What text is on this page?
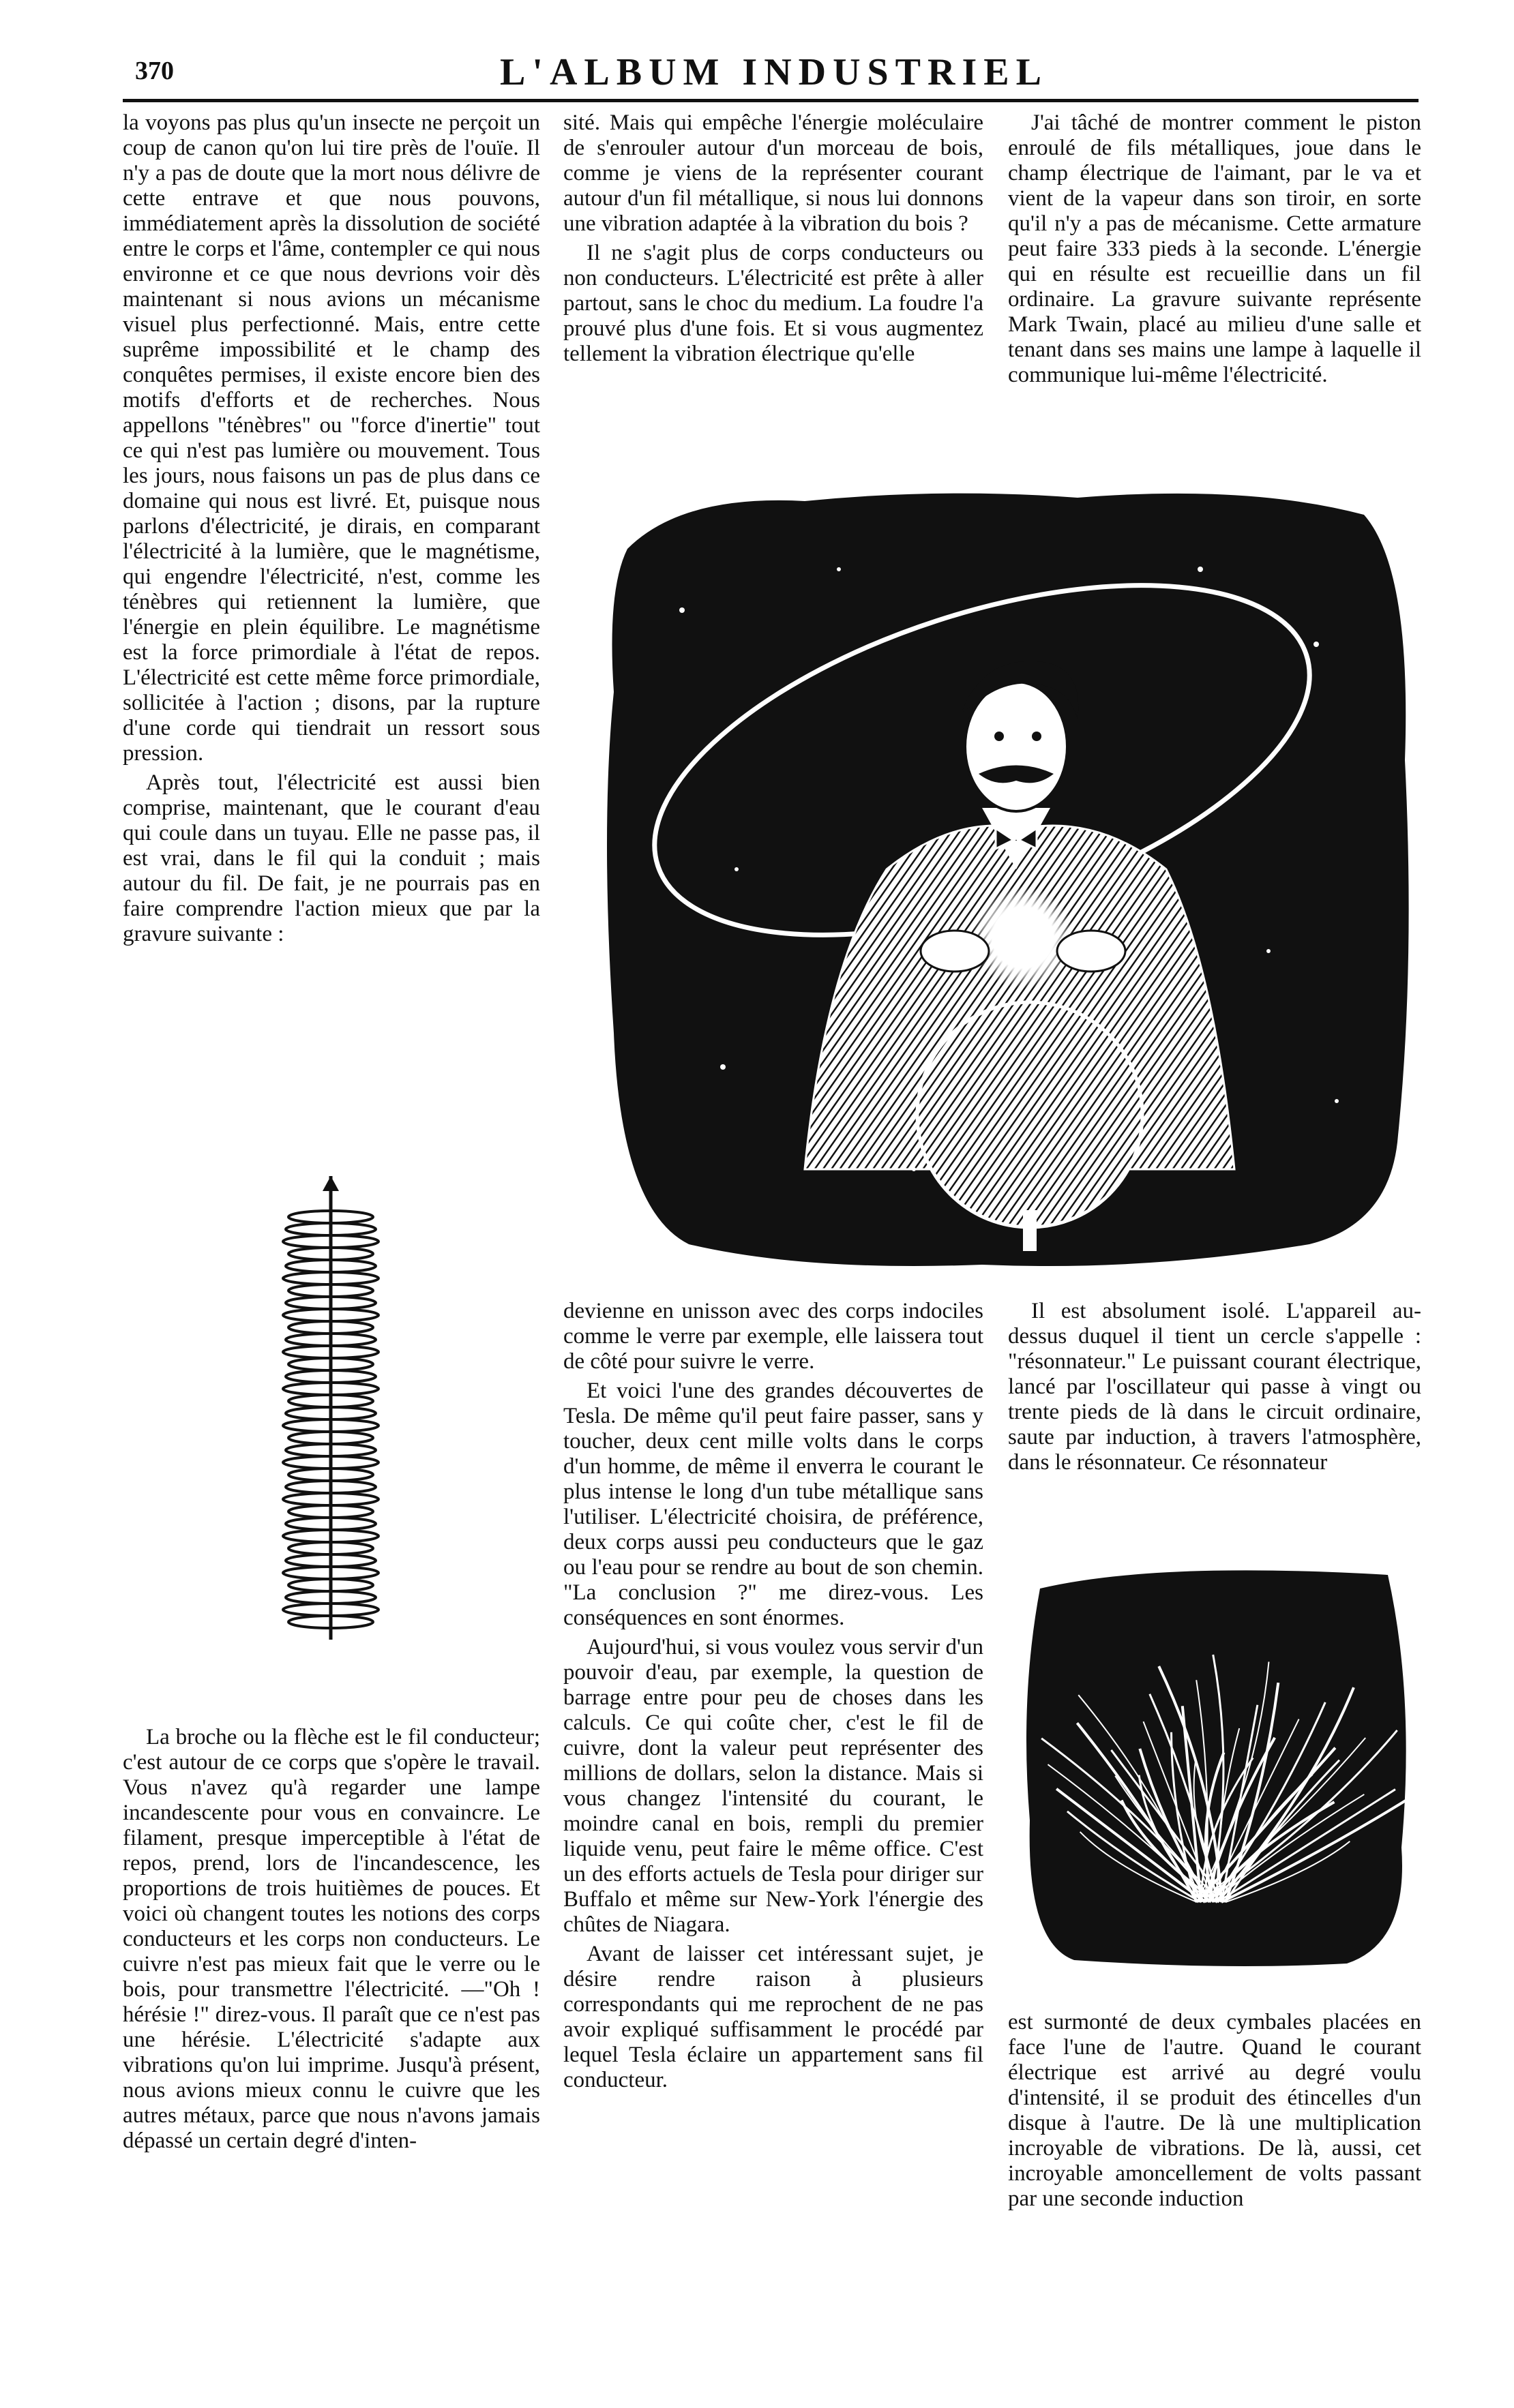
370	L'ALBUM INDUSTRIEL

la voyons pas plus qu'un insecte ne perçoit un coup de canon qu'on lui tire près de l'ouïe. Il n'y a pas de doute que la mort nous délivre de cette entrave et que nous pouvons, immédiatement après la dissolution de société entre le corps et l'âme, contempler ce qui nous environne et ce que nous devrions voir dès maintenant si nous avions un mécanisme visuel plus perfectionné. Mais, entre cette suprême impossibilité et le champ des conquêtes permises, il existe encore bien des motifs d'efforts et de recherches. Nous appellons "ténèbres" ou "force d'inertie" tout ce qui n'est pas lumière ou mouvement. Tous les jours, nous faisons un pas de plus dans ce domaine qui nous est livré. Et, puisque nous parlons d'électricité, je dirais, en comparant l'électricité à la lumière, que le magnétisme, qui engendre l'électricité, n'est, comme les ténèbres qui retiennent la lumière, que l'énergie en plein équilibre. Le magnétisme est la force primordiale à l'état de repos. L'électricité est cette même force primordiale, sollicitée à l'action ; disons, par la rupture d'une corde qui tiendrait un ressort sous pression.

Après tout, l'électricité est aussi bien comprise, maintenant, que le courant d'eau qui coule dans un tuyau. Elle ne passe pas, il est vrai, dans le fil qui la conduit ; mais autour du fil. De fait, je ne pourrais pas en faire comprendre l'action mieux que par la gravure suivante :

sité. Mais qui empêche l'énergie moléculaire de s'enrouler autour d'un morceau de bois, comme je viens de la représenter courant autour d'un fil métallique, si nous lui donnons une vibration adaptée à la vibration du bois ?

Il ne s'agit plus de corps conducteurs ou non conducteurs. L'électricité est prête à aller partout, sans le choc du medium. La foudre l'a prouvé plus d'une fois. Et si vous augmentez tellement la vibration électrique qu'elle

J'ai tâché de montrer comment le piston enroulé de fils métalliques, joue dans le champ électrique de l'aimant, par le va et vient de la vapeur dans son tiroir, en sorte qu'il n'y a pas de mécanisme. Cette armature peut faire 333 pieds à la seconde. L'énergie qui en résulte est recueillie dans un fil ordinaire. La gravure suivante représente Mark Twain, placé au milieu d'une salle et tenant dans ses mains une lampe à laquelle il communique lui-même l'électricité.

La broche ou la flèche est le fil conducteur; c'est autour de ce corps que s'opère le travail. Vous n'avez qu'à regarder une lampe incandescente pour vous en convaincre. Le filament, presque imperceptible à l'état de repos, prend, lors de l'incandescence, les proportions de trois huitièmes de pouces. Et voici où changent toutes les notions des corps conducteurs et les corps non conducteurs. Le cuivre n'est pas mieux fait que le verre ou le bois, pour transmettre l'électricité. —"Oh ! hérésie !" direz-vous. Il paraît que ce n'est pas une hérésie. L'électricité s'adapte aux vibrations qu'on lui imprime. Jusqu'à présent, nous avions mieux connu le cuivre que les autres métaux, parce que nous n'avons jamais dépassé un certain degré d'inten-

devienne en unisson avec des corps indociles comme le verre par exemple, elle laissera tout de côté pour suivre le verre.

Et voici l'une des grandes découvertes de Tesla. De même qu'il peut faire passer, sans y toucher, deux cent mille volts dans le corps d'un homme, de même il enverra le courant le plus intense le long d'un tube métallique sans l'utiliser. L'électricité choisira, de préférence, deux corps aussi peu conducteurs que le gaz ou l'eau pour se rendre au bout de son chemin. "La conclusion ?" me direz-vous. Les conséquences en sont énormes.

Aujourd'hui, si vous voulez vous servir d'un pouvoir d'eau, par exemple, la question de barrage entre pour peu de choses dans les calculs. Ce qui coûte cher, c'est le fil de cuivre, dont la valeur peut représenter des millions de dollars, selon la distance. Mais si vous changez l'intensité du courant, le moindre canal en bois, rempli du premier liquide venu, peut faire le même office. C'est un des efforts actuels de Tesla pour diriger sur Buffalo et même sur New-York l'énergie des chûtes de Niagara.

Avant de laisser cet intéressant sujet, je désire rendre raison à plusieurs correspondants qui me reprochent de ne pas avoir expliqué suffisamment le procédé par lequel Tesla éclaire un appartement sans fil conducteur.

Il est absolument isolé. L'appareil au-dessus duquel il tient un cercle s'appelle : "résonnateur." Le puissant courant électrique, lancé par l'oscillateur qui passe à vingt ou trente pieds de là dans le circuit ordinaire, saute par induction, à travers l'atmosphère, dans le résonnateur. Ce résonnateur

est surmonté de deux cymbales placées en face l'une de l'autre. Quand le courant électrique est arrivé au degré voulu d'intensité, il se produit des étincelles d'un disque à l'autre. De là une multiplication incroyable de vibrations. De là, aussi, cet incroyable amoncellement de volts passant par une seconde induction
